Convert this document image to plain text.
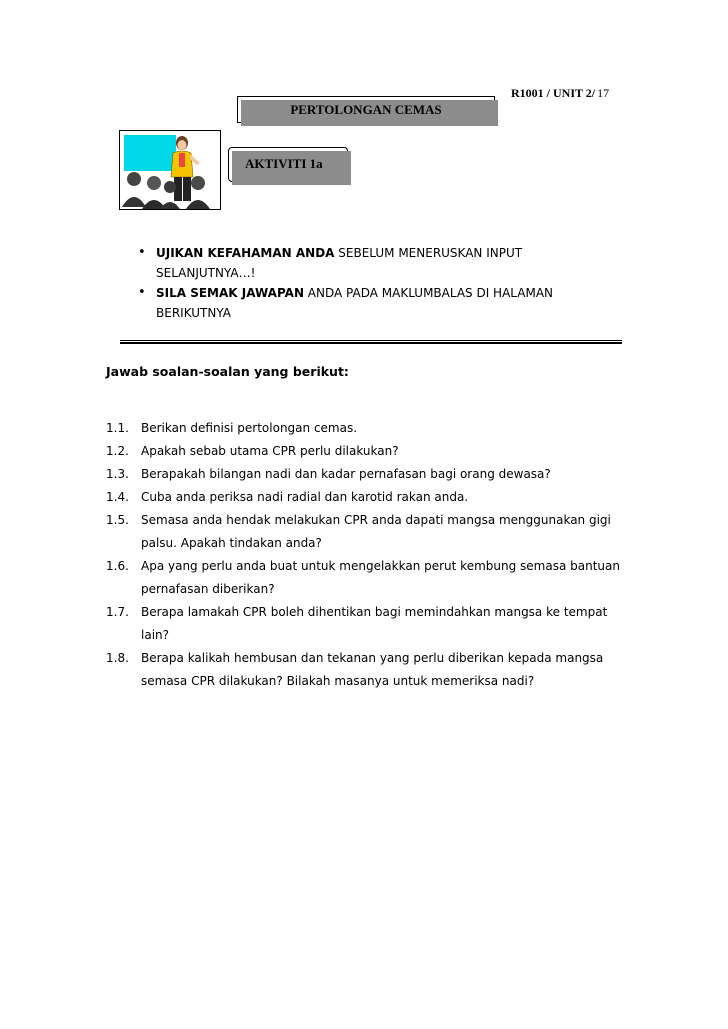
R1001 / UNIT 2/ 17
PERTOLONGAN CEMAS
AKTIVITI 1a
• UJIKAN KEFAHAMAN ANDA SEBELUM MENERUSKAN INPUT SELANJUTNYA…!
• SILA SEMAK JAWAPAN ANDA PADA MAKLUMBALAS DI HALAMAN BERIKUTNYA
Jawab soalan-soalan yang berikut:
1.1. Berikan definisi pertolongan cemas.
1.2. Apakah sebab utama CPR perlu dilakukan?
1.3. Berapakah bilangan nadi dan kadar pernafasan bagi orang dewasa?
1.4. Cuba anda periksa nadi radial dan karotid rakan anda.
1.5. Semasa anda hendak melakukan CPR anda dapati mangsa menggunakan gigi palsu. Apakah tindakan anda?
1.6. Apa yang perlu anda buat untuk mengelakkan perut kembung semasa bantuan pernafasan diberikan?
1.7. Berapa lamakah CPR boleh dihentikan bagi memindahkan mangsa ke tempat lain?
1.8. Berapa kalikah hembusan dan tekanan yang perlu diberikan kepada mangsa semasa CPR dilakukan? Bilakah masanya untuk memeriksa nadi?
